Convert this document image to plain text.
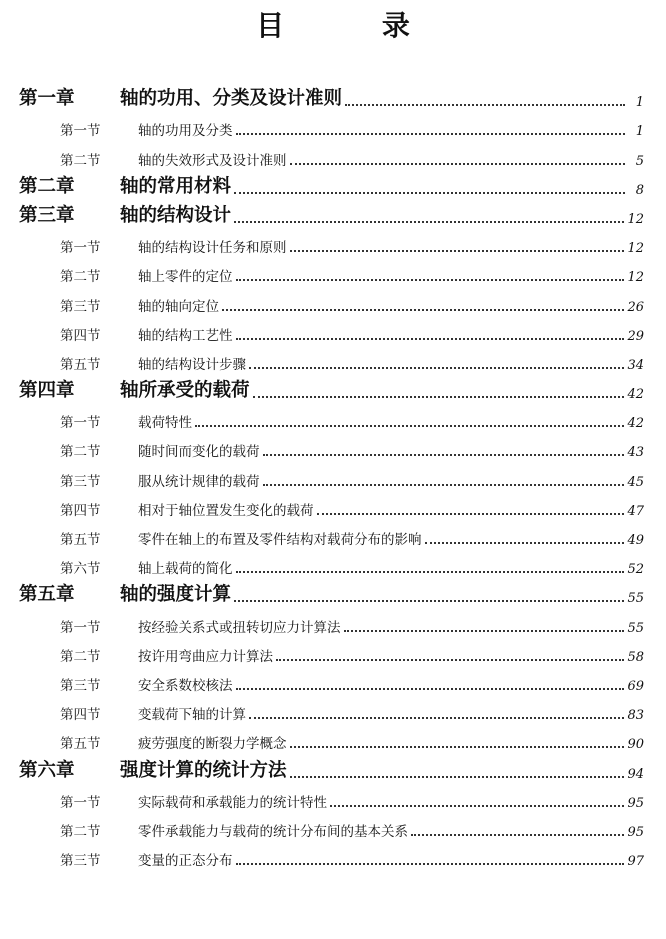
目 录
第一章	轴的功用、分类及设计准则	1
第一节	轴的功用及分类	1
第二节	轴的失效形式及设计准则	5
第二章	轴的常用材料	8
第三章	轴的结构设计	12
第一节	轴的结构设计任务和原则	12
第二节	轴上零件的定位	12
第三节	轴的轴向定位	26
第四节	轴的结构工艺性	29
第五节	轴的结构设计步骤	34
第四章	轴所承受的载荷	42
第一节	载荷特性	42
第二节	随时间而变化的载荷	43
第三节	服从统计规律的载荷	45
第四节	相对于轴位置发生变化的载荷	47
第五节	零件在轴上的布置及零件结构对载荷分布的影响	49
第六节	轴上载荷的简化	52
第五章	轴的强度计算	55
第一节	按经验关系式或扭转切应力计算法	55
第二节	按许用弯曲应力计算法	58
第三节	安全系数校核法	69
第四节	变载荷下轴的计算	83
第五节	疲劳强度的断裂力学概念	90
第六章	强度计算的统计方法	94
第一节	实际载荷和承载能力的统计特性	95
第二节	零件承载能力与载荷的统计分布间的基本关系	95
第三节	变量的正态分布	97
